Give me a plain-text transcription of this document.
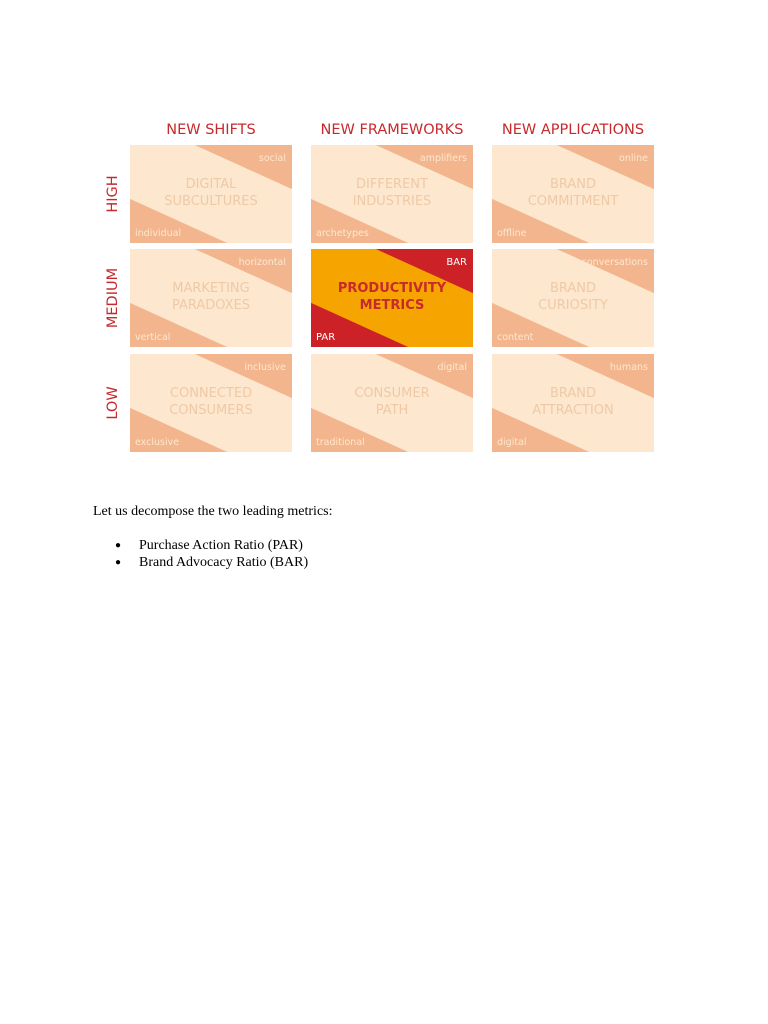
NEW SHIFTS	NEW FRAMEWORKS	NEW APPLICATIONS
HIGH
MEDIUM
LOW
DIGITAL
SUBCULTURES
social
individual
DIFFERENT
INDUSTRIES
amplifiers
archetypes
BRAND
COMMITMENT
online
offline
MARKETING
PARADOXES
horizontal
vertical
PRODUCTIVITY
METRICS
BAR
PAR
BRAND
CURIOSITY
conversations
content
CONNECTED
CONSUMERS
inclusive
exclusive
CONSUMER
PATH
digital
traditional
BRAND
ATTRACTION
humans
digital

Let us decompose the two leading metrics:

● Purchase Action Ratio (PAR)
● Brand Advocacy Ratio (BAR)
